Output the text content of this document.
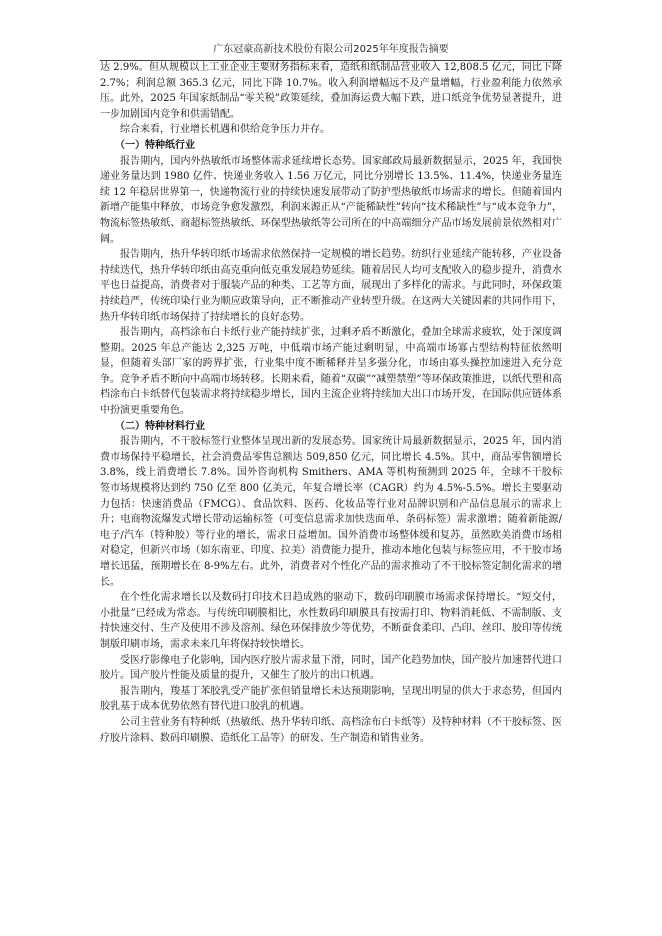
广东冠豪高新技术股份有限公司2025年年度报告摘要

达 2.9%。但从规模以上工业企业主要财务指标来看，造纸和纸制品营业收入 12,808.5 亿元，同比下降 2.7%；利润总额 365.3 亿元，同比下降 10.7%。收入利润增幅远不及产量增幅，行业盈利能力依然承压。此外，2025 年国家纸制品“零关税”政策延续，叠加海运费大幅下跌，进口纸竞争优势显著提升，进一步加剧国内竞争和供需错配。

综合来看，行业增长机遇和供给竞争压力并存。

（一）特种纸行业

报告期内，国内外热敏纸市场整体需求延续增长态势。国家邮政局最新数据显示，2025 年，我国快递业务量达到 1980 亿件、快递业务收入 1.56 万亿元，同比分别增长 13.5%、11.4%，快递业务量连续 12 年稳居世界第一，快递物流行业的持续快速发展带动了防护型热敏纸市场需求的增长。但随着国内新增产能集中释放，市场竞争愈发激烈，利润来源正从“产能稀缺性”转向“技术稀缺性”与“成本竞争力”，物流标签热敏纸、商超标签热敏纸、环保型热敏纸等公司所在的中高端细分产品市场发展前景依然相对广阔。

报告期内，热升华转印纸市场需求依然保持一定规模的增长趋势。纺织行业延续产能转移，产业设备持续迭代，热升华转印纸由高克重向低克重发展趋势延续。随着居民人均可支配收入的稳步提升，消费水平也日益提高，消费者对于服装产品的种类、工艺等方面，展现出了多样化的需求。与此同时，环保政策持续趋严，传统印染行业为顺应政策导向，正不断推动产业转型升级。在这两大关键因素的共同作用下，热升华转印纸市场保持了持续增长的良好态势。

报告期内，高档涂布白卡纸行业产能持续扩张，过剩矛盾不断激化，叠加全球需求疲软，处于深度调整期。2025 年总产能达 2,325 万吨，中低端市场产能过剩明显，中高端市场寡占型结构特征依然明显，但随着头部厂家的跨界扩张，行业集中度不断稀释并呈多强分化，市场由寡头操控加速进入充分竞争。竞争矛盾不断向中高端市场转移。长期来看，随着“双碳”“减塑禁塑”等环保政策推进，以纸代塑和高档涂布白卡纸替代包装需求将持续稳步增长，国内主流企业将持续加大出口市场开发，在国际供应链体系中扮演更重要角色。

（二）特种材料行业

报告期内，不干胶标签行业整体呈现出新的发展态势。国家统计局最新数据显示，2025 年，国内消费市场保持平稳增长，社会消费品零售总额达 509,850 亿元，同比增长 4.5%。其中，商品零售额增长 3.8%，线上消费增长 7.8%。国外咨询机构 Smithers、AMA 等机构预测到 2025 年，全球不干胶标签市场规模将达到约 750 亿至 800 亿美元，年复合增长率（CAGR）约为 4.5%-5.5%。增长主要驱动力包括：快速消费品（FMCG）、食品饮料、医药、化妆品等行业对品牌识别和产品信息展示的需求上升；电商物流爆发式增长带动运输标签（可变信息需求加快迭面单、条码标签）需求激增；随着新能源/电子/汽车（特种胶）等行业的增长，需求日益增加。国外消费市场整体缓和复苏，虽然欧美消费市场相对稳定，但新兴市场（如东南亚、印度、拉美）消费能力提升，推动本地化包装与标签应用，不干胶市场增长迅猛，预期增长在 8-9%左右。此外，消费者对个性化产品的需求推动了不干胶标签定制化需求的增长。

在个性化需求增长以及数码打印技术日趋成熟的驱动下，数码印刷膜市场需求保持增长。“短交付，小批量”已经成为常态。与传统印刷膜相比，水性数码印刷膜具有按需打印、物料消耗低、不需制版、支持快速交付、生产及使用不涉及溶剂、绿色环保排放少等优势，不断蚕食柔印、凸印、丝印、胶印等传统制版印刷市场，需求未来几年将保持较快增长。

受医疗影像电子化影响，国内医疗胶片需求量下滑，同时，国产化趋势加快，国产胶片加速替代进口胶片。国产胶片性能及质量的提升，又催生了胶片的出口机遇。

报告期内，羧基丁苯胶乳受产能扩张但销量增长未达预期影响，呈现出明显的供大于求态势，但国内胶乳基于成本优势依然有替代进口胶乳的机遇。

公司主营业务有特种纸（热敏纸、热升华转印纸、高档涂布白卡纸等）及特种材料（不干胶标签、医疗胶片涂料、数码印刷膜、造纸化工品等）的研发、生产制造和销售业务。
